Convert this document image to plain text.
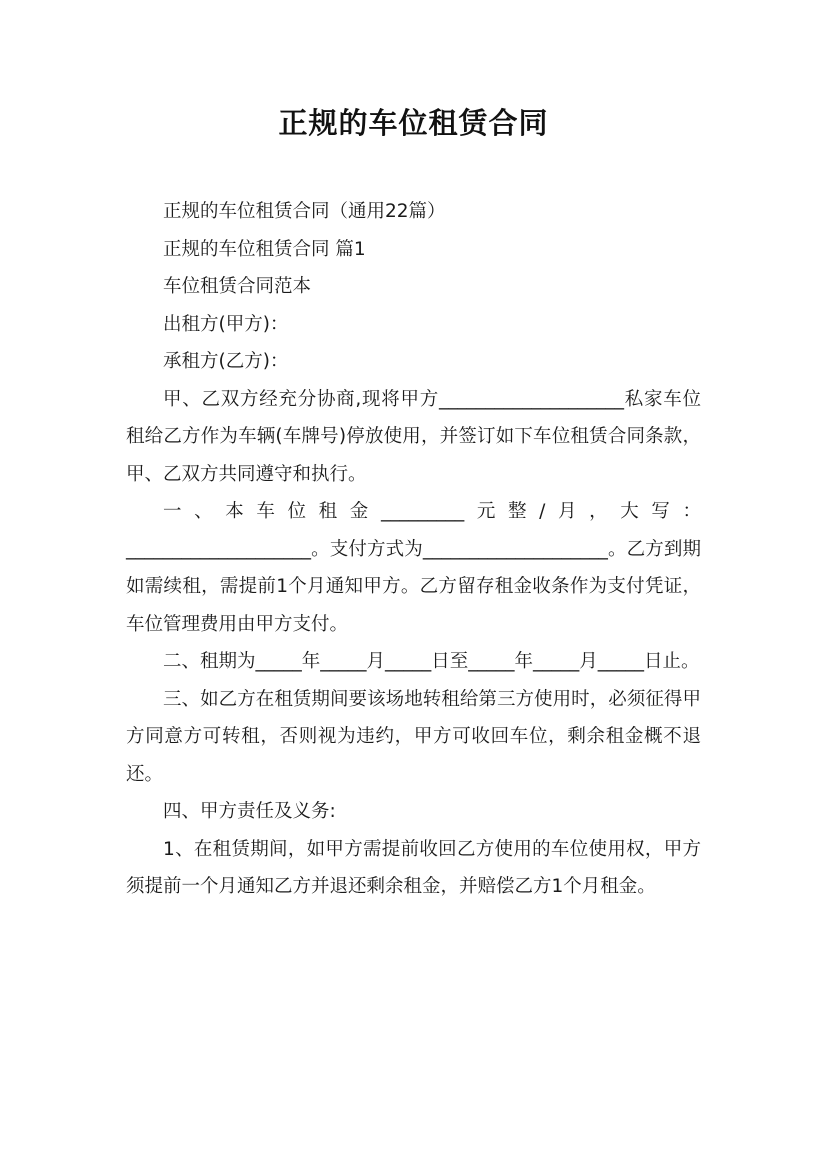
正规的车位租赁合同

正规的车位租赁合同（通用22篇）

正规的车位租赁合同 篇1

车位租赁合同范本

出租方(甲方)：

承租方(乙方)：

甲、乙双方经充分协商,现将甲方____________________私家车位租给乙方作为车辆(车牌号)停放使用，并签订如下车位租赁合同条款，甲、乙双方共同遵守和执行。

一、本车位租金_________元整/月，大写：____________________。支付方式为____________________。乙方到期如需续租，需提前1个月通知甲方。乙方留存租金收条作为支付凭证，车位管理费用由甲方支付。

二、租期为_____年_____月_____日至_____年_____月_____日止。

三、如乙方在租赁期间要该场地转租给第三方使用时，必须征得甲方同意方可转租，否则视为违约，甲方可收回车位，剩余租金概不退还。

四、甲方责任及义务:

1、在租赁期间，如甲方需提前收回乙方使用的车位使用权，甲方须提前一个月通知乙方并退还剩余租金，并赔偿乙方1个月租金。
